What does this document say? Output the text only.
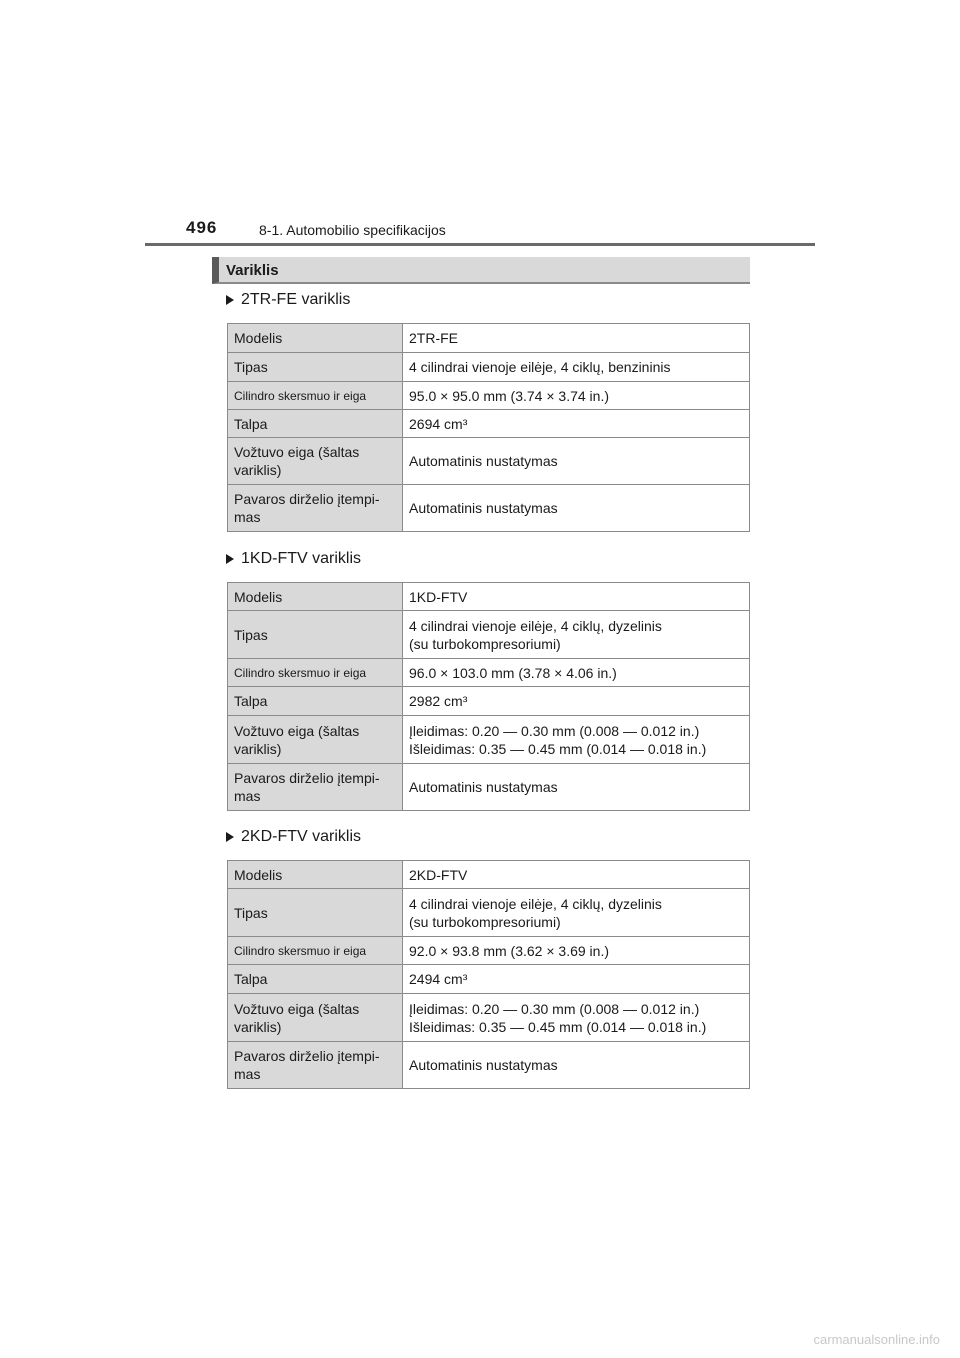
496	8-1. Automobilio specifikacijos
Variklis
2TR-FE variklis
Modelis	2TR-FE

Tipas	4 cilindrai vienoje eilėje, 4 ciklų, benzininis

Cilindro skersmuo ir eiga	95.0 × 95.0 mm (3.74 × 3.74 in.)

Talpa	2694 cm³

Vožtuvo eiga (šaltas variklis)	Automatinis nustatymas

Pavaros dirželio įtempi- mas	Automatinis nustatymas
1KD-FTV variklis
Modelis	1KD-FTV

Tipas	4 cilindrai vienoje eilėje, 4 ciklų, dyzelinis
(su turbokompresoriumi)

Cilindro skersmuo ir eiga	96.0 × 103.0 mm (3.78 × 4.06 in.)

Talpa	2982 cm³

Vožtuvo eiga (šaltas variklis)	Įleidimas: 0.20 — 0.30 mm (0.008 — 0.012 in.)
Išleidimas: 0.35 — 0.45 mm (0.014 — 0.018 in.)

Pavaros dirželio įtempi- mas	Automatinis nustatymas
2KD-FTV variklis
Modelis	2KD-FTV

Tipas	4 cilindrai vienoje eilėje, 4 ciklų, dyzelinis
(su turbokompresoriumi)

Cilindro skersmuo ir eiga	92.0 × 93.8 mm (3.62 × 3.69 in.)

Talpa	2494 cm³

Vožtuvo eiga (šaltas variklis)	Įleidimas: 0.20 — 0.30 mm (0.008 — 0.012 in.)
Išleidimas: 0.35 — 0.45 mm (0.014 — 0.018 in.)

Pavaros dirželio įtempi- mas	Automatinis nustatymas
carmanualsonline.info
